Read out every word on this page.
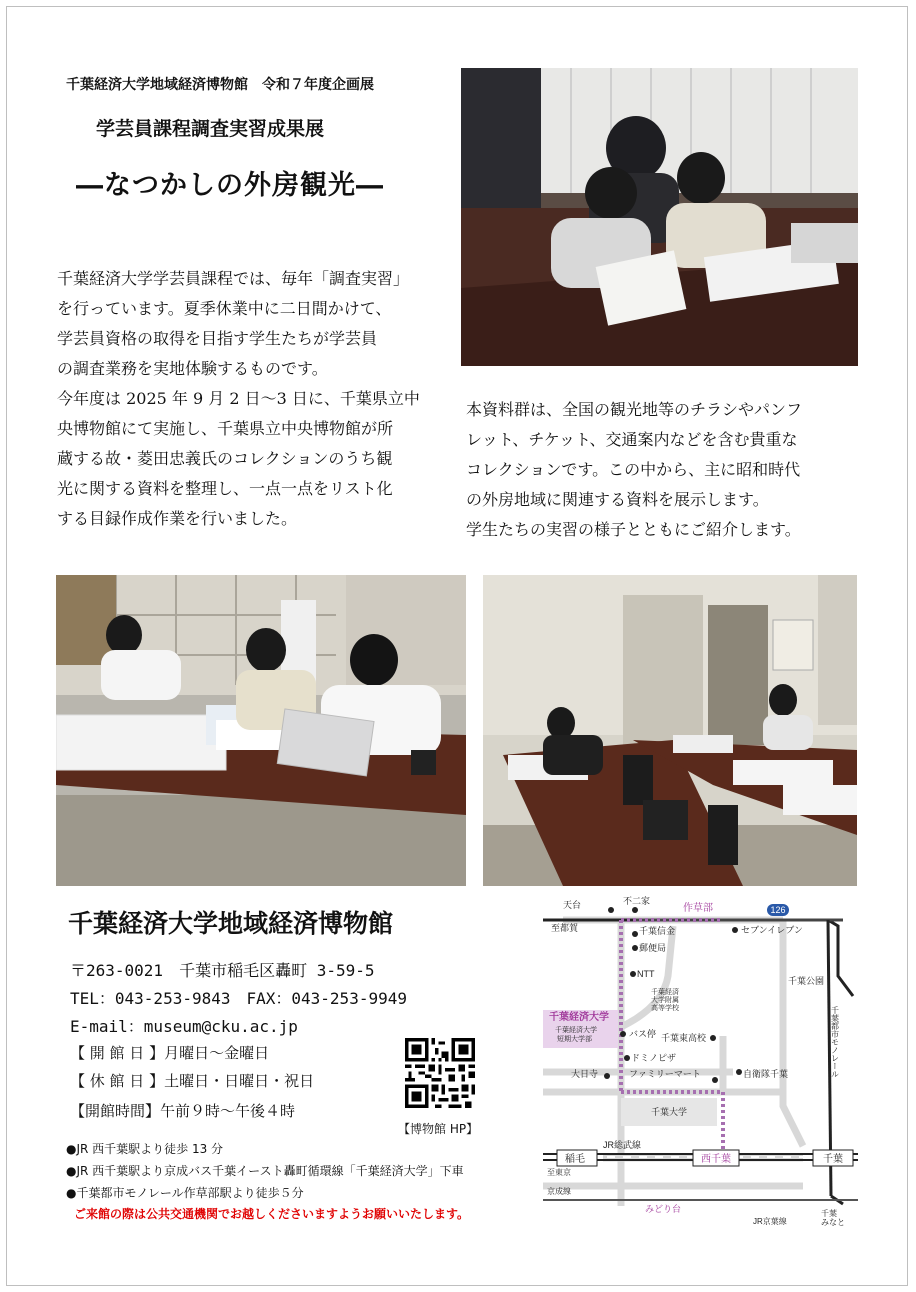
千葉経済大学地域経済博物館　令和７年度企画展
学芸員課程調査実習成果展
―なつかしの外房観光―

千葉経済大学学芸員課程では、毎年「調査実習」

を行っています。夏季休業中に二日間かけて、

学芸員資格の取得を目指す学生たちが学芸員

の調査業務を実地体験するものです。

今年度は 2025 年 9 月 2 日～3 日に、千葉県立中

央博物館にて実施し、千葉県立中央博物館が所

蔵する故・菱田忠義氏のコレクションのうち観

光に関する資料を整理し、一点一点をリスト化

する目録作成作業を行いました。

本資料群は、全国の観光地等のチラシやパンフ

レット、チケット、交通案内などを含む貴重な

コレクションです。この中から、主に昭和時代

の外房地域に関連する資料を展示します。

学生たちの実習の様子とともにご紹介します。

千葉経済大学地域経済博物館
〒263-0021　千葉市稲毛区轟町 3-59-5
TEL：043-253-9843　FAX：043-253-9949
E-mail：museum@cku.ac.jp
【 開 館 日 】月曜日～金曜日
【 休 館 日 】土曜日・日曜日・祝日
【開館時間】午前９時～午後４時
【博物館 HP】
●JR 西千葉駅より徒歩 13 分
●JR 西千葉駅より京成バス千葉イースト轟町循環線「千葉経済大学」下車
●千葉都市モノレール作草部駅より徒歩５分
ご来館の際は公共交通機関でお越しくださいますようお願いいたします。
126
天台	不二家
作草部
至都賀	千葉信金	セブンイレブン
郵便局
千葉公園
NTT
千葉経済
大学附属
高等学校
千葉経済大学
千葉経済大学
短期大学部
バス停 千葉東高校
ドミノピザ	千葉都市モノレール
大日寺	ファミリーマート	自衛隊千葉
千葉大学
稲毛
JR総武線
西千葉	千葉
至東京
京成線
みどり台
JR京葉線
千葉
みなと
